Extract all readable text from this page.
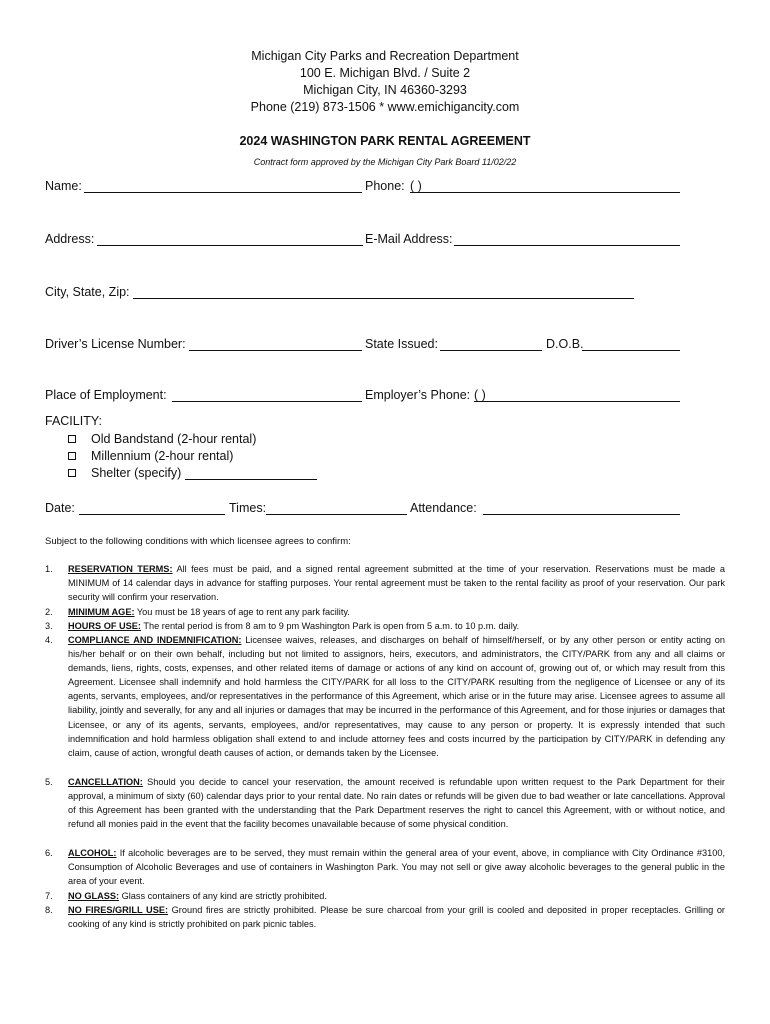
Michigan City Parks and Recreation Department
100 E. Michigan Blvd. / Suite 2
Michigan City, IN 46360-3293
Phone (219) 873-1506 * www.emichigancity.com
2024 WASHINGTON PARK RENTAL AGREEMENT
Contract form approved by the Michigan City Park Board 11/02/22
Name:	Phone: ( )
Address:	E-Mail Address:
City, State, Zip:
Driver’s License Number:	State Issued:	D.O.B.
Place of Employment:	Employer’s Phone: ( )
FACILITY:
Old Bandstand (2-hour rental)
Millennium (2-hour rental)
Shelter (specify)
Date:	Times:	Attendance:
Subject to the following conditions with which licensee agrees to confirm:
1. RESERVATION TERMS: All fees must be paid, and a signed rental agreement submitted at the time of your reservation. Reservations must be made a MINIMUM of 14 calendar days in advance for staffing purposes. Your rental agreement must be taken to the rental facility as proof of your reservation. Our park security will confirm your reservation.
2. MINIMUM AGE: You must be 18 years of age to rent any park facility.
3. HOURS OF USE: The rental period is from 8 am to 9 pm Washington Park is open from 5 a.m. to 10 p.m. daily.
4. COMPLIANCE AND INDEMNIFICATION: Licensee waives, releases, and discharges on behalf of himself/herself, or by any other person or entity acting on his/her behalf or on their own behalf, including but not limited to assignors, heirs, executors, and administrators, the CITY/PARK from any and all claims or demands, liens, rights, costs, expenses, and other related items of damage or actions of any kind on account of, growing out of, or which may result from this Agreement. Licensee shall indemnify and hold harmless the CITY/PARK for all loss to the CITY/PARK resulting from the negligence of Licensee or any of its agents, servants, employees, and/or representatives in the performance of this Agreement, which arise or in the future may arise. Licensee agrees to assume all liability, jointly and severally, for any and all injuries or damages that may be incurred in the performance of this Agreement, and for those injuries or damages that Licensee, or any of its agents, servants, employees, and/or representatives, may cause to any person or property. It is expressly intended that such indemnification and hold harmless obligation shall extend to and include attorney fees and costs incurred by the participation by CITY/PARK in defending any claim, cause of action, wrongful death causes of action, or demands taken by the Licensee.
5. CANCELLATION: Should you decide to cancel your reservation, the amount received is refundable upon written request to the Park Department for their approval, a minimum of sixty (60) calendar days prior to your rental date. No rain dates or refunds will be given due to bad weather or late cancellations. Approval of this Agreement has been granted with the understanding that the Park Department reserves the right to cancel this Agreement, with or without notice, and refund all monies paid in the event that the facility becomes unavailable because of some physical condition.
6. ALCOHOL: If alcoholic beverages are to be served, they must remain within the general area of your event, above, in compliance with City Ordinance #3100, Consumption of Alcoholic Beverages and use of containers in Washington Park. You may not sell or give away alcoholic beverages to the general public in the area of your event.
7. NO GLASS: Glass containers of any kind are strictly prohibited.
8. NO FIRES/GRILL USE: Ground fires are strictly prohibited. Please be sure charcoal from your grill is cooled and deposited in proper receptacles. Grilling or cooking of any kind is strictly prohibited on park picnic tables.
